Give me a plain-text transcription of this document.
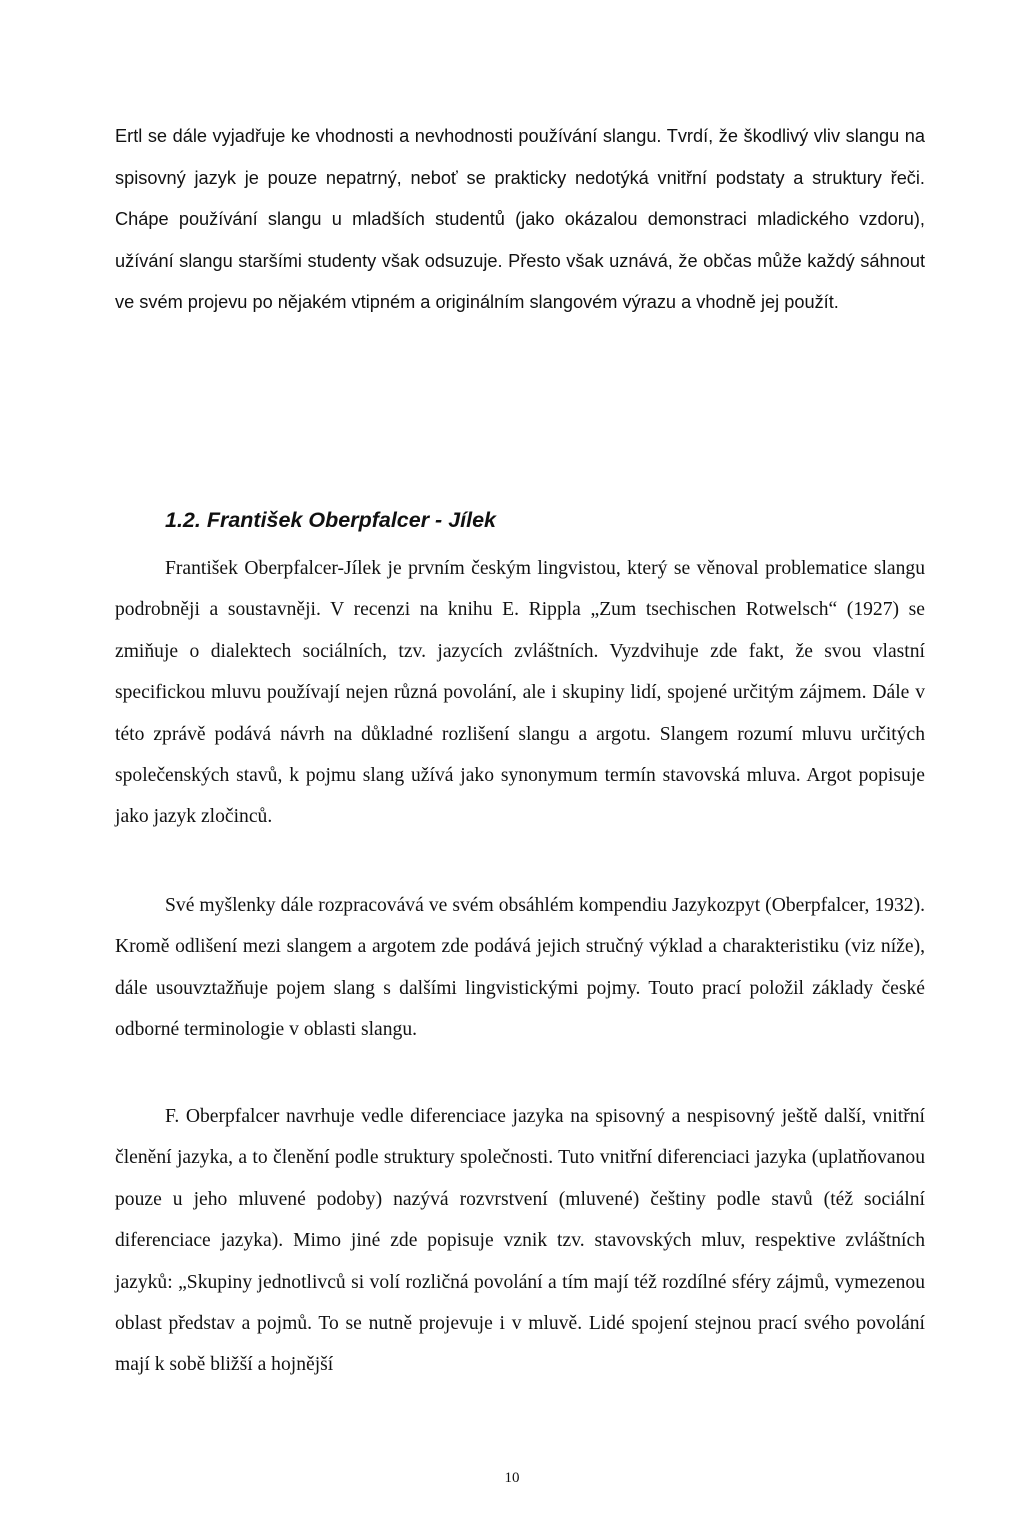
Ertl se dále vyjadřuje ke vhodnosti a nevhodnosti používání slangu. Tvrdí, že škodlivý vliv slangu na spisovný jazyk je pouze nepatrný, neboť se prakticky nedotýká vnitřní podstaty a struktury řeči. Chápe používání slangu u mladších studentů (jako okázalou demonstraci mladického vzdoru), užívání slangu staršími studenty však odsuzuje. Přesto však uznává, že občas může každý sáhnout ve svém projevu po nějakém vtipném a originálním slangovém výrazu a vhodně jej použít.

1.2. František Oberpfalcer - Jílek

František Oberpfalcer-Jílek je prvním českým lingvistou, který se věnoval problematice slangu podrobněji a soustavněji. V recenzi na knihu E. Rippla „Zum tsechischen Rotwelsch“ (1927) se zmiňuje o dialektech sociálních, tzv. jazycích zvláštních. Vyzdvihuje zde fakt, že svou vlastní specifickou mluvu používají nejen různá povolání, ale i skupiny lidí, spojené určitým zájmem. Dále v této zprávě podává návrh na důkladné rozlišení slangu a argotu. Slangem rozumí mluvu určitých společenských stavů, k pojmu slang užívá jako synonymum termín stavovská mluva. Argot popisuje jako jazyk zločinců.

Své myšlenky dále rozpracovává ve svém obsáhlém kompendiu Jazykozpyt (Oberpfalcer, 1932). Kromě odlišení mezi slangem a argotem zde podává jejich stručný výklad a charakteristiku (viz níže), dále usouvztažňuje pojem slang s dalšími lingvistickými pojmy. Touto prací položil základy české odborné terminologie v oblasti slangu.

F. Oberpfalcer navrhuje vedle diferenciace jazyka na spisovný a nespisovný ještě další, vnitřní členění jazyka, a to členění podle struktury společnosti. Tuto vnitřní diferenciaci jazyka (uplatňovanou pouze u jeho mluvené podoby) nazývá rozvrstvení (mluvené) češtiny podle stavů (též sociální diferenciace jazyka). Mimo jiné zde popisuje vznik tzv. stavovských mluv, respektive zvláštních jazyků: „Skupiny jednotlivců si volí rozličná povolání a tím mají též rozdílné sféry zájmů, vymezenou oblast představ a pojmů. To se nutně projevuje i v mluvě. Lidé spojení stejnou prací svého povolání mají k sobě bližší a hojnější

10
